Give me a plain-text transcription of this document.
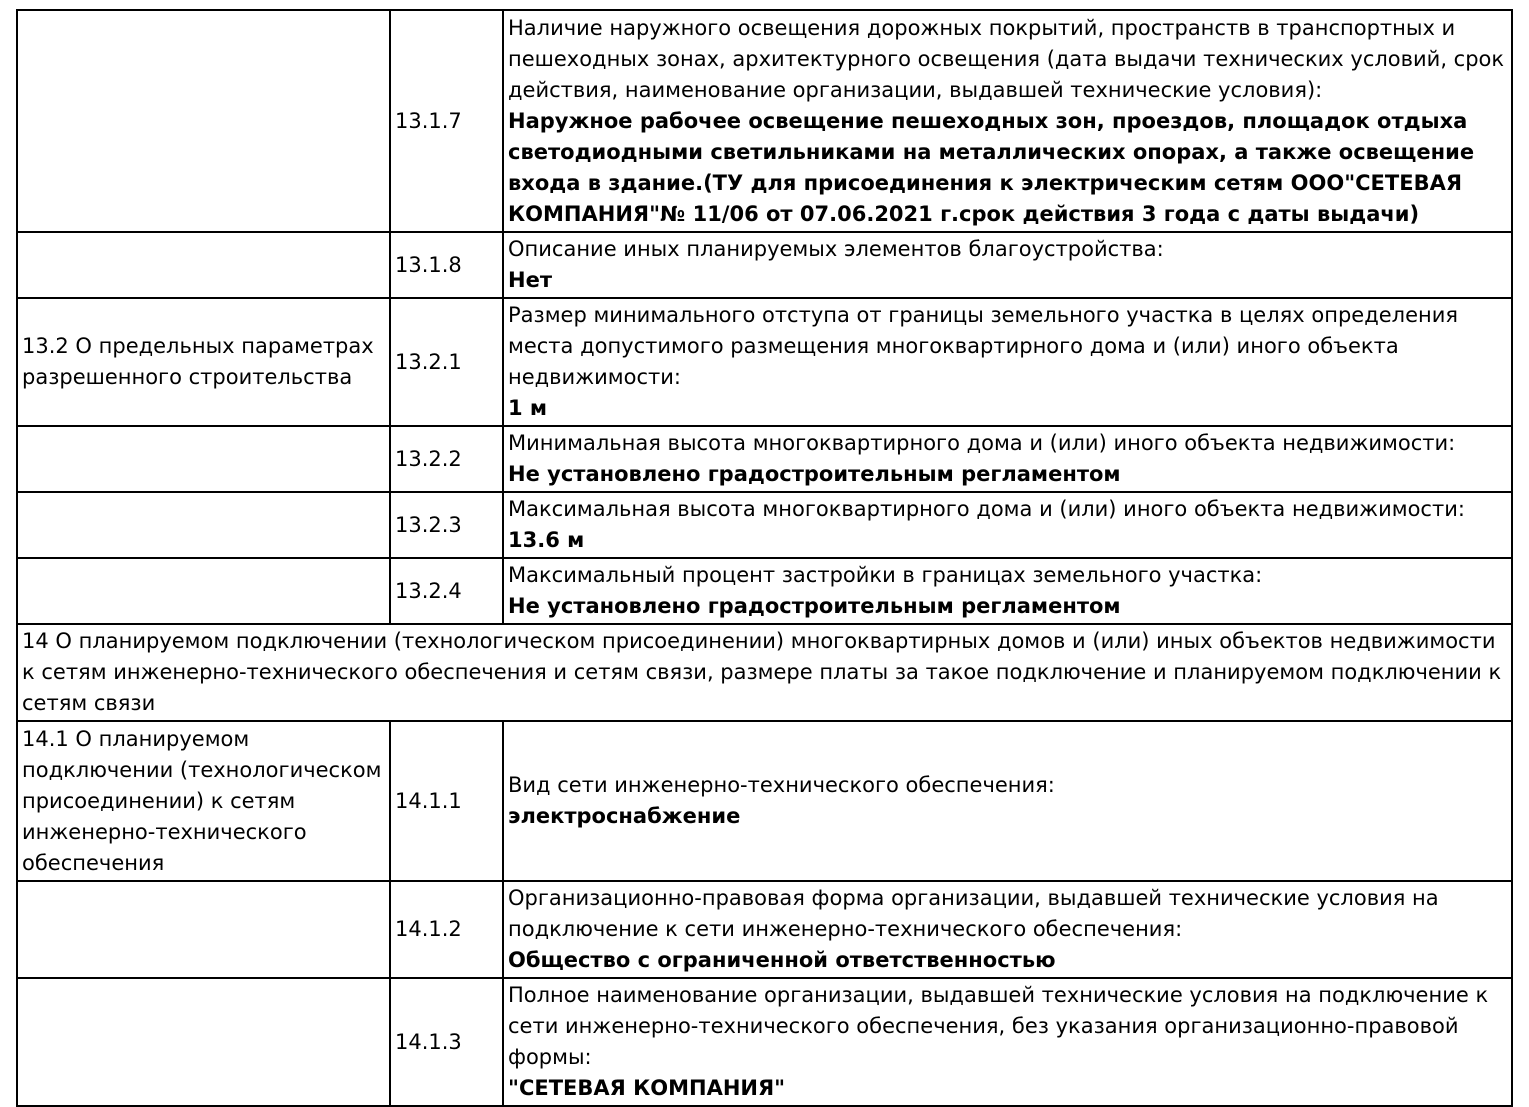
	13.1.7	Наличие наружного освещения дорожных покрытий, пространств в транспортных и пешеходных зонах, архитектурного освещения (дата выдачи технических условий, срок действия, наименование организации, выдавшей технические условия):
Наружное рабочее освещение пешеходных зон, проездов, площадок отдыха светодиодными светильниками на металлических опорах, а также освещение входа в здание.(ТУ для присоединения к электрическим сетям ООО"СЕТЕВАЯ КОМПАНИЯ"№ 11/06 от 07.06.2021 г.срок действия 3 года с даты выдачи)

	13.1.8	Описание иных планируемых элементов благоустройства:
Нет

13.2 О предельных параметрах разрешенного строительства	13.2.1	Размер минимального отступа от границы земельного участка в целях определения места допустимого размещения многоквартирного дома и (или) иного объекта недвижимости:
1 м

	13.2.2	Минимальная высота многоквартирного дома и (или) иного объекта недвижимости:
Не установлено градостроительным регламентом

	13.2.3	Максимальная высота многоквартирного дома и (или) иного объекта недвижимости:
13.6 м

	13.2.4	Максимальный процент застройки в границах земельного участка:
Не установлено градостроительным регламентом

14 О планируемом подключении (технологическом присоединении) многоквартирных домов и (или) иных объектов недвижимости к сетям инженерно-технического обеспечения и сетям связи, размере платы за такое подключение и планируемом подключении к сетям связи		
14.1 О планируемом подключении (технологическом присоединении) к сетям инженерно-технического обеспечения	14.1.1	Вид сети инженерно-технического обеспечения:
электроснабжение

	14.1.2	Организационно-правовая форма организации, выдавшей технические условия на подключение к сети инженерно-технического обеспечения:
Общество с ограниченной ответственностью

	14.1.3	Полное наименование организации, выдавшей технические условия на подключение к сети инженерно-технического обеспечения, без указания организационно-правовой формы:
"СЕТЕВАЯ КОМПАНИЯ"
